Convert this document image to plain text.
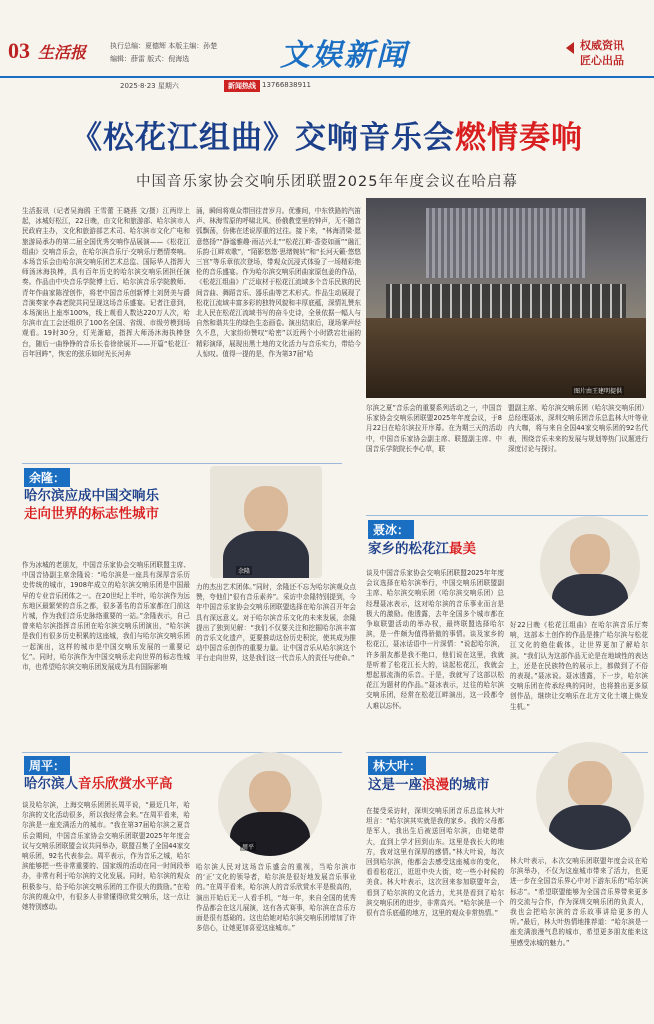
03 生活报	执行总编：夏德辉 本版主编：孙楚
编辑：薛雷 版式：倪海选	文娱新闻	权威资讯
匠心出品
2025·8·23 星期六	新闻热线 13766838911
《松花江组曲》交响音乐会燃情奏响
中国音乐家协会交响乐团联盟2025年年度会议在哈启幕
生活报讯（记者吴海鸥 王雪蕾 王晓燕 文/摄）江两岸上起，冰城好松江，22日晚，由文化和旅游部、哈尔滨市人民政府主办，文化和旅游部艺术司、哈尔滨市文化广电和旅游局承办的第二届全国优秀交响作品展演——《松花江组曲》交响音乐会，在哈尔滨音乐厅·交响乐厅燃情奏响。本场音乐会由哈尔滨交响乐团艺术总监、国际华人指挥大师汤沐海执棒，具有百年历史的哈尔滨交响乐团担任演奏。作品由中央音乐学院博士后、哈尔滨音乐学院教师、青年作曲家陈滢创作，将老中国音乐创新博士刘贤美与爵音演奏家李森老院共同呈现这场音乐盛宴。记者注意到，本场演出上座率100%，线上观看人数达220万人次，哈尔滨市直工会还组织了100名全国、省级、市级劳模到场观看。19时30分，灯光渐暗，指挥大师汤沐海执棒登台，随后一曲铮铮的音乐长卷徐徐展开——开篇“松花江·百年回眸”，恢宏的弦乐如时光长河奔
涌，瞬间将观众带回往昔岁月。优雅间，中东铁路的汽笛声、林海雪原的呼啸北风、侨俄教堂里的钟声，无不随音弧飘荡，仿佛在述说厚重的过往。接下来，“林海清梁·愿意悠扬”“静谧雅趣·雨沾兴北”“松花江畔·香姿如画”“融汇乐韵·江畔欢歌”，“陌影悠悠·思绪婉转”和“长河天籁·悠悠三宫”等乐章依次登场，带观众沉浸式体验了一场精彩绝伦的音乐盛宴。作为哈尔滨交响乐团曲家原包姜的作品，《松花江组曲》广泛取材于松花江流域多个音乐民族的民间音曲、舞蹈音乐、器乐曲等艺术形式。作品生动展现了松花江流域丰富多彩的独特风貌和丰厚底蕴，深情礼赞东北人民在松花江流域书写的奋斗史诗，全景依据一幅人与自然和谐共生的绿色生态画卷。演出结束后，现场掌声经久不息，大家纷纷赞叹“哈密”以近两个小时跌宕壮丽的精彩演绎，展现出黑土地的文化活力与音乐实力，带给今人惊叹。值得一提的是，作为第37届“哈
图片由王建明提供
尔滨之夏”音乐会的重要系列活动之一，中国音乐家协会交响乐团联盟2025年年度会议，于8月22日在哈尔滨拉开序幕。在为期三天的活动中，中国音乐家协会副主席、联盟副主席、中国音乐学院院长李心草，联
盟副主席、哈尔滨交响乐团（哈尔滨交响乐团）总经理聂冰，深圳交响乐团音乐总监林大叶等业内大咖，将与来自全国44家交响乐团的92名代表，围绕音乐未来的发展与规划等热门议题进行深度讨论与探讨。
余隆：
哈尔滨应成中国交响乐
走向世界的标志性城市
余隆
作为冰城的老朋友，中国音乐家协会交响乐团联盟主席、中国音协副主席余隆说：“哈尔滨是一座具有深厚音乐历史传统的城市，1908年成立的哈尔滨交响乐团是中国最早的专业音乐团体之一。在20世纪上半叶，哈尔滨作为远东地区最繁荣的音乐之都，很多著名的音乐家都在门前这片城，作为我们音乐史脉络重要的一站。”余隆表示，自己曾来哈尔滨指挥音乐团在哈尔滨交响乐团演出，“哈尔滨是我们有很多历史积累的这座城，我们与哈尔滨交响乐团一起演出，这样的城市是中国交响乐发展的一重要记忆”。同时，哈尔滨作为中国交响乐走向世界的标志性城市，也希望哈尔滨交响乐团发展成为具有国际影响
力的杰出艺术团体。”同时，余隆还不忘为哈尔滨观众点赞，夸他们“很有音乐素养”。采访中余隆特别提到，今年中国音乐家协会交响乐团联盟选择在哈尔滨召开年会具有深远意义。对于哈尔滨音乐文化的未来发展，余隆提出了独到见解：“我们不仅要关注和挖掘哈尔滨丰富的音乐文化遗产，更要推动这份历史积淀，使其成为推动中国音乐创作的重要力量。让中国音乐从哈尔滨这个平台走向世界，这是我们这一代音乐人的责任与使命。”
聂冰：
家乡的松花江最美
谈及中国音乐家协会交响乐团联盟2025年年度会议选择在哈尔滨举行，中国交响乐团联盟副主席、哈尔滨交响乐团（哈尔滨交响乐团）总经理聂冰表示，这对哈尔滨的音乐事业而言是极大的激励。他透露，去年全国多个城市都在争取联盟活动的举办权，最终联盟选择哈尔滨，是一件颇为值得骄傲的事情。谈及家乡的松花江，聂冰话语中一片深情：“说起哈尔滨，许多朋友都是我不绝口，他们说在这里，我就是听着了松花江长大的，谈起松花江，我就会想起那流淌的乐音。于是，我就写了这部以松花江为题材的作品。”聂冰表示，过往的哈尔滨交响乐团，经常在松花江畔演出，这一段都令人难以忘怀。
好22日晚《松花江组曲》在哈尔滨音乐厅奏响，这部本土创作的作品是推广哈尔滨与松花江文化的绝佳载体，让世界更加了解哈尔滨。“我们认为这部作品无论是在地域性的表达上，还是在民族特色的展示上，都做到了不俗的表现。”聂冰说。聂冰透露，下一步，哈尔滨交响乐团在传承经典的同时，也将推出更多原创作品，继续让交响乐在北方文化土壤上焕发生机。”
周平：
哈尔滨人音乐欣赏水平高
周平
谈及哈尔滨，上海交响乐团团长周平说，“最近几年，哈尔滨的文化活动很多，所以我经常会来。”在周平看来，哈尔滨是一座充满活力的城市。“我在第37届哈尔滨之夏音乐会期间，中国音乐家协会交响乐团联盟2025年年度会议与交响乐团联盟会议共同举办，联盟召集了全国44家交响乐团，92名代表参会。周平表示，作为音乐之城，哈尔滨能够把一些非常重要的、国家级的活动在同一时间段举办，非常有利于哈尔滨的文化发展。同时，哈尔滨的观众积极参与，给予哈尔滨交响乐团的工作很大的鼓励。”在哈尔滨的观众中，有很多人非常懂得欣赏交响乐，这一点让她特别感动。
哈尔滨人民对这场音乐盛会的重视，当哈尔滨市的‘正’文化的领导者，哈尔滨是很好地发展音乐事业的。”在周平看来，哈尔滨人的音乐欣赏水平是极高的，演出开始后无一人看手机，“每一年，来自全国的优秀作品都会在这儿展演，这有各式赛事，哈尔滨在音乐方面是很有基础的。这也给她对哈尔滨交响乐团增加了许多信心，让她更加喜爱这座城市。”
林大叶：
这是一座浪漫的城市
在接受采访时，深圳交响乐团音乐总监林大叶坦言：“哈尔滨其实就是我的家乡。我的父母都是军人，我出生后被送回哈尔滨，由姥姥带大，直到上学才回到山东。这里是我长大的地方，我对这里有深厚的感情。”林大叶说，每次回到哈尔滨，他都会去感受这座城市的变化，看看松花江，逛逛中央大街，吃一些小时候的美食。林大叶表示，这次回来参加联盟年会，看到了哈尔滨的文化活力，尤其是看到了哈尔滨交响乐团的进步，非常高兴。“哈尔滨是一个很有音乐底蕴的地方，这里的观众非常热情。”
林大叶表示，本次交响乐团联盟年度会议在哈尔滨举办，不仅为这座城市带来了活力，也更进一步在全国音乐界心中对下游东乐的“哈尔滨标志”。“希望联盟能够为全国音乐界带来更多的交流与合作，作为深圳交响乐团的负责人，我也会把哈尔滨的音乐故事讲给更多的人听。”最后，林大叶热情地推荐道：“哈尔滨是一座充满浪漫气息的城市，希望更多朋友能来这里感受冰城的魅力。”
